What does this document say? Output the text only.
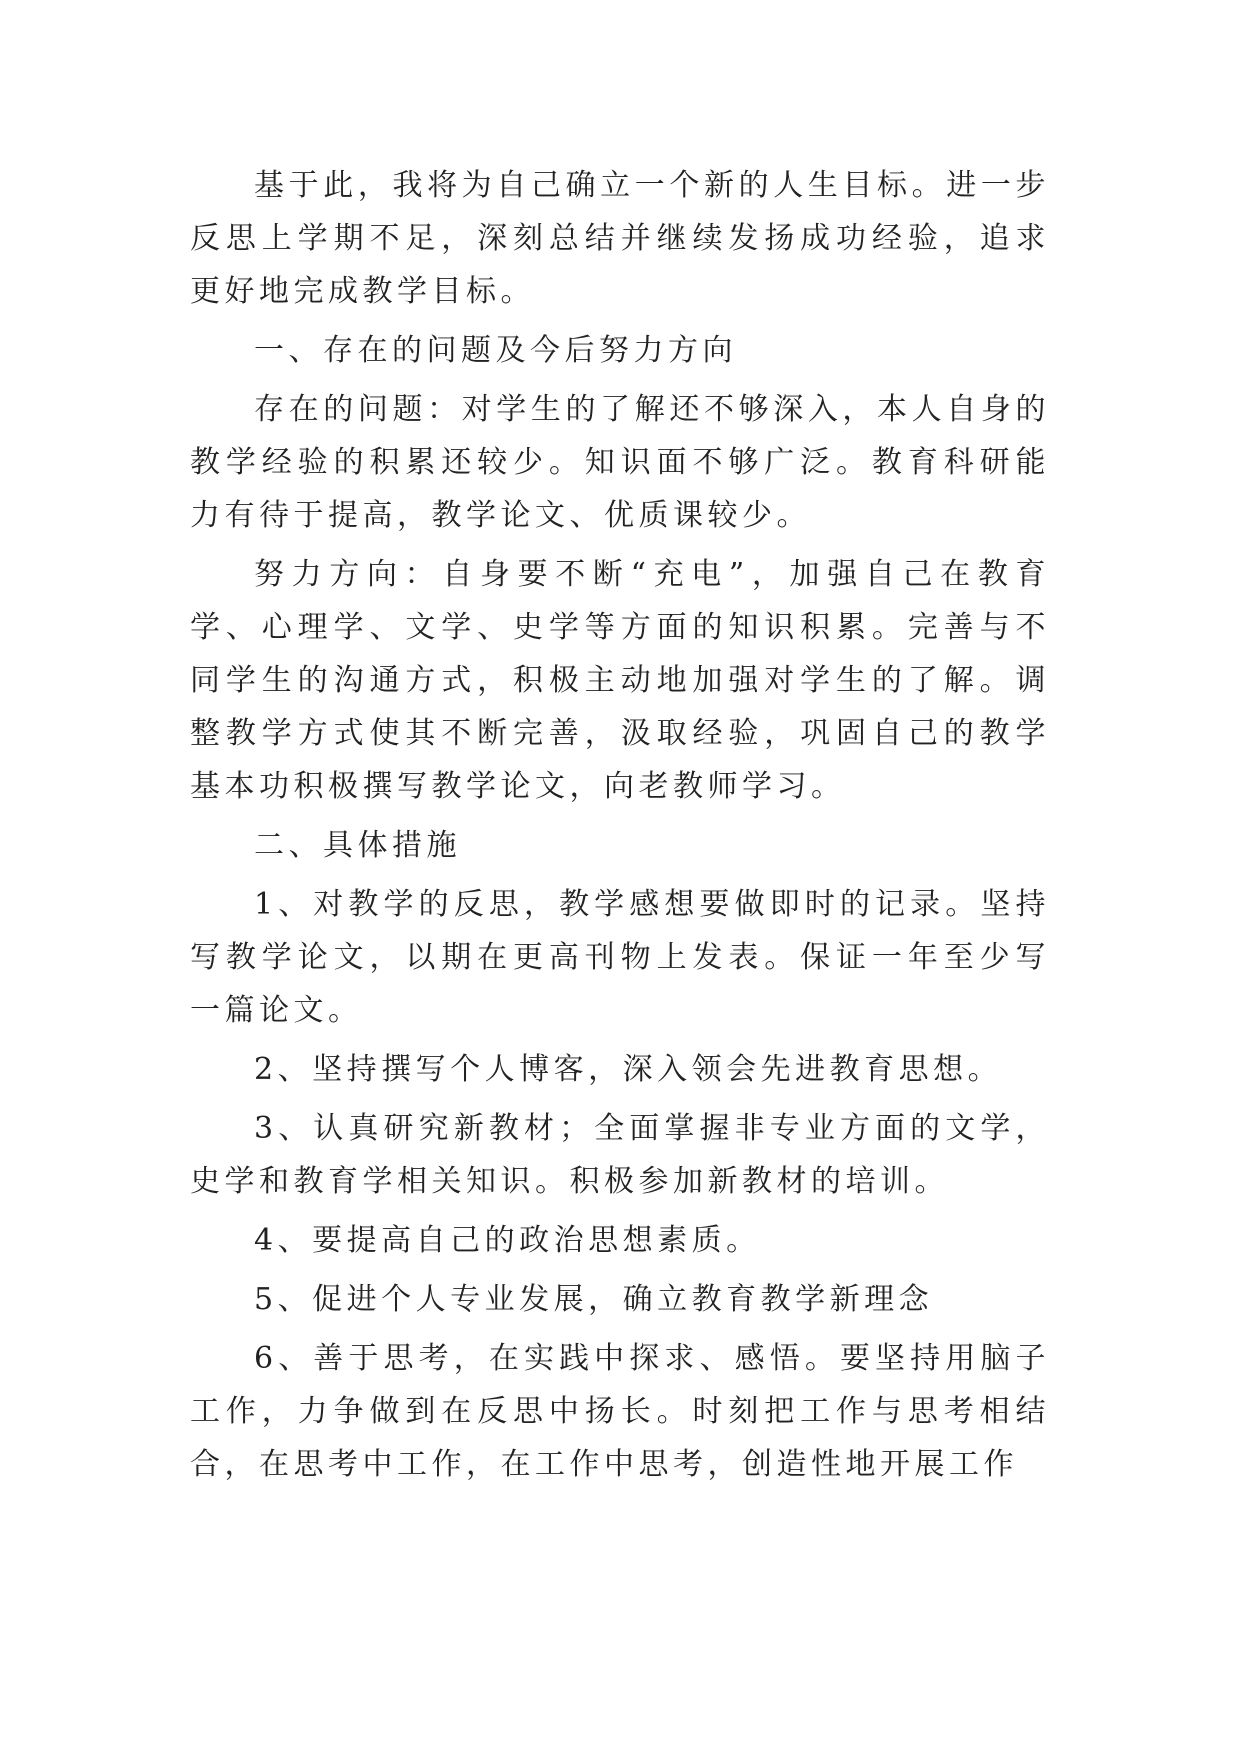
基于此，我将为自己确立一个新的人生目标。进一步反思上学期不足，深刻总结并继续发扬成功经验，追求更好地完成教学目标。

一、存在的问题及今后努力方向

存在的问题：对学生的了解还不够深入，本人自身的教学经验的积累还较少。知识面不够广泛。教育科研能力有待于提高，教学论文、优质课较少。

努力方向：自身要不断“充电”，加强自己在教育学、心理学、文学、史学等方面的知识积累。完善与不同学生的沟通方式，积极主动地加强对学生的了解。调整教学方式使其不断完善，汲取经验，巩固自己的教学基本功积极撰写教学论文，向老教师学习。

二、具体措施

1、对教学的反思，教学感想要做即时的记录。坚持写教学论文，以期在更高刊物上发表。保证一年至少写一篇论文。

2、坚持撰写个人博客，深入领会先进教育思想。

3、认真研究新教材；全面掌握非专业方面的文学，史学和教育学相关知识。积极参加新教材的培训。

4、要提高自己的政治思想素质。

5、促进个人专业发展，确立教育教学新理念

6、善于思考，在实践中探求、感悟。要坚持用脑子工作，力争做到在反思中扬长。时刻把工作与思考相结合，在思考中工作，在工作中思考，创造性地开展工作
